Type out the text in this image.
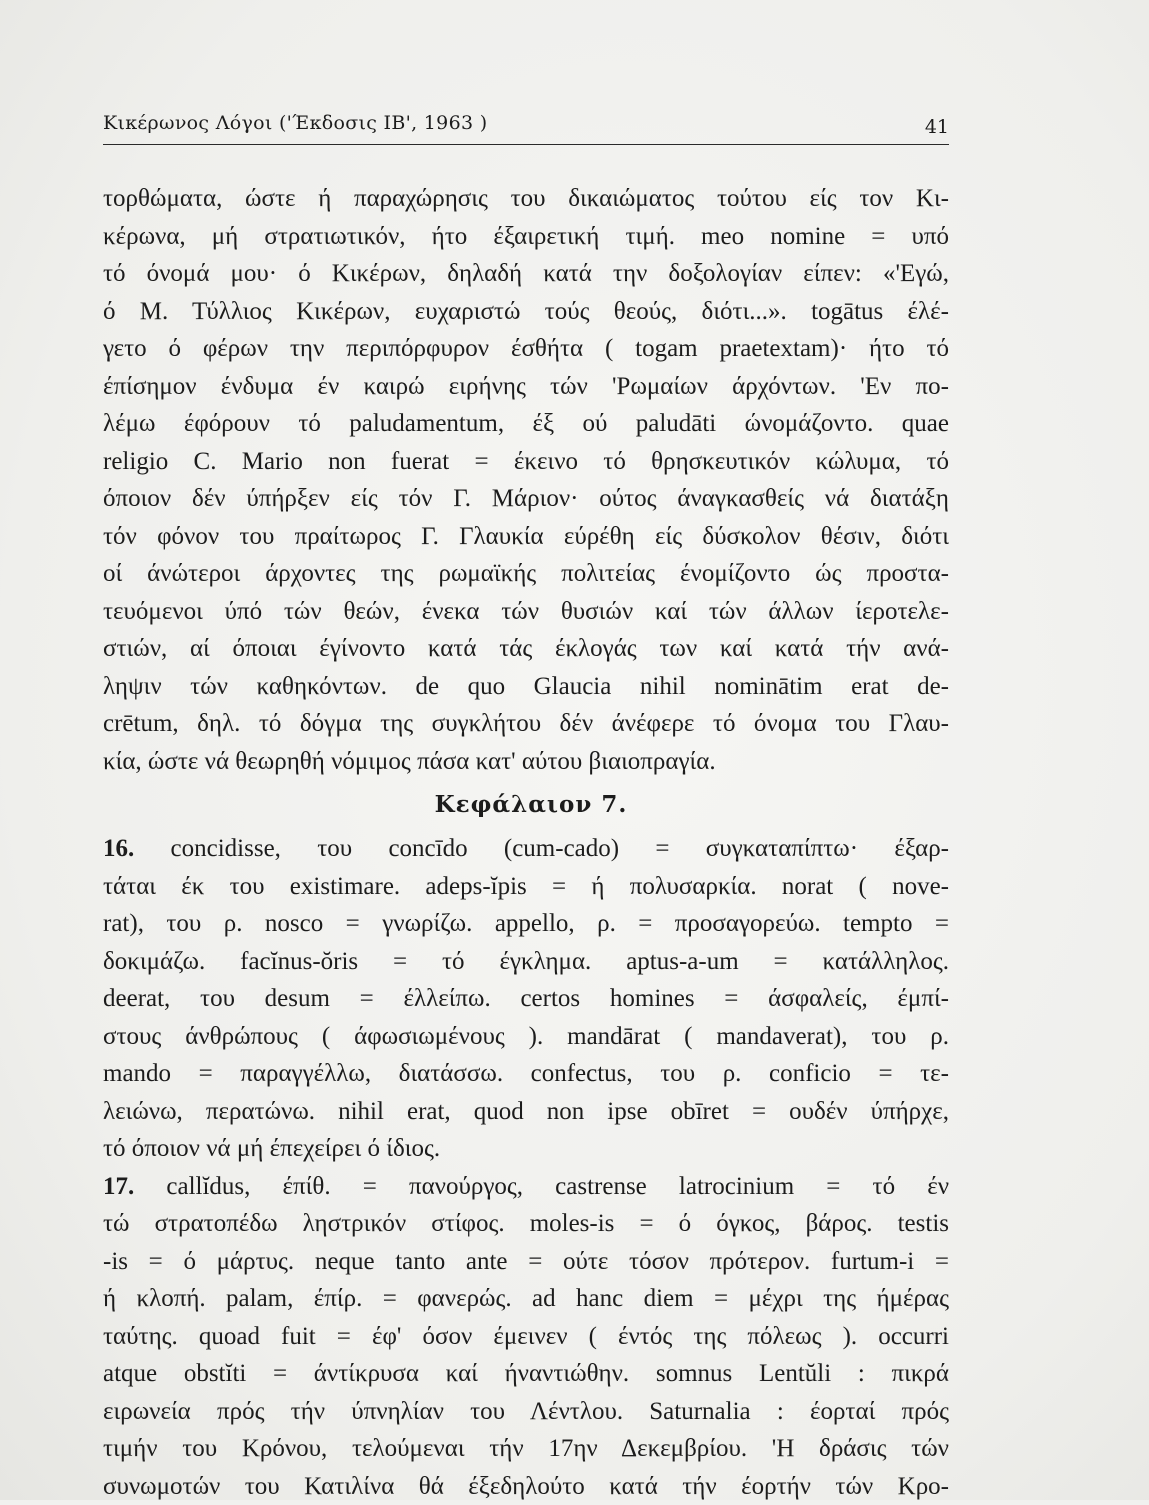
Κικέρωνος Λόγοι ('Έκδοσις ΙΒ', 1963 )	41
τορθώματα, ώστε ή παραχώρησις του δικαιώματος τούτου είς τον Κι-
κέρωνα, μή στρατιωτικόν, ήτο έξαιρετική τιμή. meo nomine = υπό
τό όνομά μου· ό Κικέρων, δηλαδή κατά την δοξολογίαν είπεν: «'Εγώ,
ό Μ. Τύλλιος Κικέρων, ευχαριστώ τούς θεούς, διότι...». togātus έλέ-
γετο ό φέρων την περιπόρφυρον έσθήτα ( togam praetextam)· ήτο τό
έπίσημον ένδυμα έν καιρώ ειρήνης τών 'Ρωμαίων άρχόντων. 'Εν πο-
λέμω έφόρουν τό paludamentum, έξ ού paludāti ώνομάζοντο. quae
religio C. Mario non fuerat = έκεινο τό θρησκευτικόν κώλυμα, τό
όποιον δέν ύπήρξεν είς τόν Γ. Μάριον· ούτος άναγκασθείς νά διατάξη
τόν φόνον του πραίτωρος Γ. Γλαυκία εύρέθη είς δύσκολον θέσιν, διότι
οί άνώτεροι άρχοντες της ρωμαϊκής πολιτείας ένομίζοντο ώς προστα-
τευόμενοι ύπό τών θεών, ένεκα τών θυσιών καί τών άλλων ίεροτελε-
στιών, αί όποιαι έγίνοντο κατά τάς έκλογάς των καί κατά τήν ανά-
ληψιν τών καθηκόντων. de quo Glaucia nihil nominātim erat de-
crētum, δηλ. τό δόγμα της συγκλήτου δέν άνέφερε τό όνομα του Γλαυ-
κία, ώστε νά θεωρηθή νόμιμος πάσα κατ' αύτου βιαιοπραγία.
Κεφάλαιον 7.
16. concidisse, του concīdo (cum-cado) = συγκαταπίπτω· έξαρ-
τάται έκ του existimare. adeps-ĭpis = ή πολυσαρκία. norat ( nove-
rat), του ρ. nosco = γνωρίζω. appello, ρ. = προσαγορεύω. tempto =
δοκιμάζω. facĭnus-ŏris = τό έγκλημα. aptus-a-um = κατάλληλος.
deerat, του desum = έλλείπω. certos homines = άσφαλείς, έμπί-
στους άνθρώπους ( άφωσιωμένους ). mandārat ( mandaverat), του ρ.
mando = παραγγέλλω, διατάσσω. confectus, του ρ. conficio = τε-
λειώνω, περατώνω. nihil erat, quod non ipse obīret = ουδέν ύπήρχε,
τό όποιον νά μή έπεχείρει ό ίδιος.
17. callĭdus, έπίθ. = πανούργος, castrense latrocinium = τό έν
τώ στρατοπέδω ληστρικόν στίφος. moles-is = ό όγκος, βάρος. testis
-is = ό μάρτυς. neque tanto ante = ούτε τόσον πρότερον. furtum-i =
ή κλοπή. palam, έπίρ. = φανερώς. ad hanc diem = μέχρι της ήμέρας
ταύτης. quoad fuit = έφ' όσον έμεινεν ( έντός της πόλεως ). occurri
atque obstĭti = άντίκρυσα καί ήναντιώθην. somnus Lentŭli : πικρά
ειρωνεία πρός τήν ύπνηλίαν του Λέντλου. Saturnalia : έορταί πρός
τιμήν του Κρόνου, τελούμεναι τήν 17ην Δεκεμβρίου. 'Η δράσις τών
συνωμοτών του Κατιλίνα θά έξεδηλούτο κατά τήν έορτήν τών Κρο-
